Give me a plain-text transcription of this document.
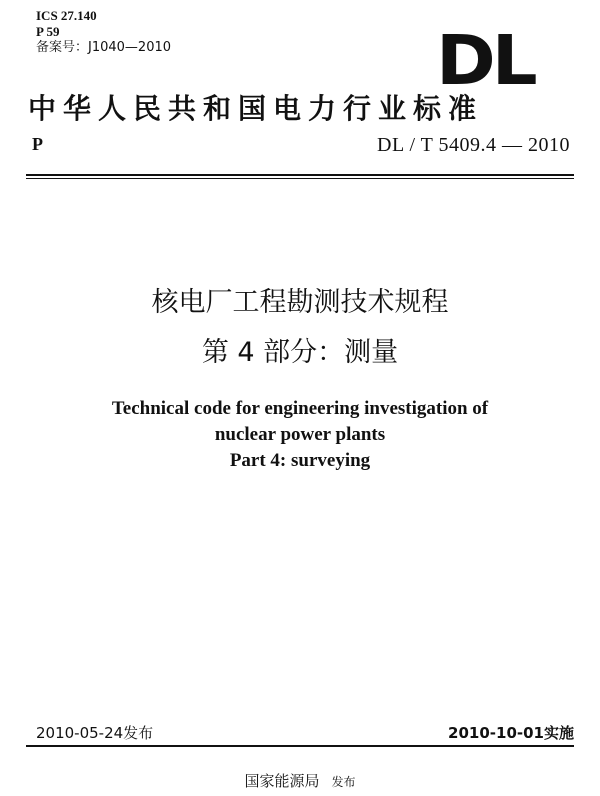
ICS 27.140
P 59
备案号：J1040—2010	DL
中华人民共和国电力行业标准
P	DL / T 5409.4 — 2010
核电厂工程勘测技术规程
第 4 部分：测量
Technical code for engineering investigation of
nuclear power plants
Part 4: surveying
2010-05-24发布	2010-10-01实施
国家能源局 发布
